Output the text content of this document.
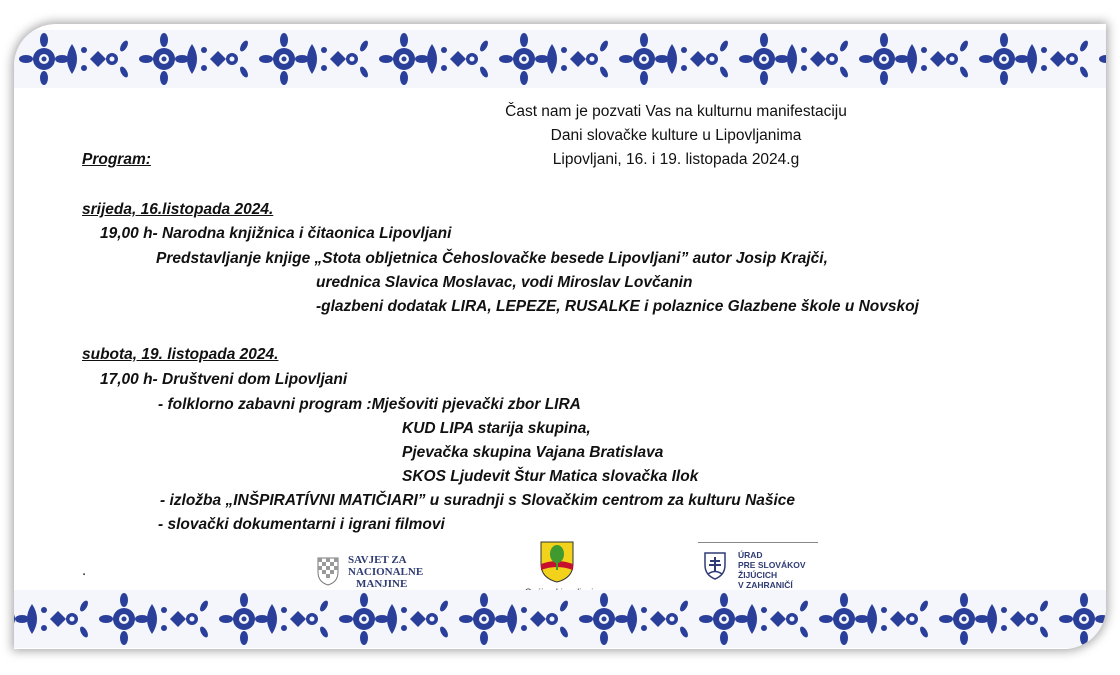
Čast nam je pozvati Vas na kulturnu manifestaciju
Dani slovačke kulture u Lipovljanima
Lipovljani, 16. i 19. listopada 2024.g
Program:
srijeda, 16.listopada 2024.
19,00 h- Narodna knjižnica i čitaonica Lipovljani
Predstavljanje knjige „Stota obljetnica Čehoslovačke besede Lipovljani” autor Josip Krajči,
urednica Slavica Moslavac, vodi Miroslav Lovčanin
-glazbeni dodatak LIRA, LEPEZE, RUSALKE i polaznice Glazbene škole u Novskoj
subota, 19. listopada 2024.
17,00 h- Društveni dom Lipovljani
- folklorno zabavni program :Mješoviti pjevački zbor LIRA
KUD LIPA starija skupina,
Pjevačka skupina Vajana Bratislava
SKOS Ljudevit Štur Matica slovačka Ilok
- izložba „INŠPIRATÍVNI MATIČIARI” u suradnji s Slovačkim centrom za kulturu Našice
- slovački dokumentarni i igrani filmovi
.
SAVJET ZA
NACIONALNE
MANJINE
ÚRAD
PRE SLOVÁKOV
ŽIJÚCICH
V ZAHRANIČÍ
